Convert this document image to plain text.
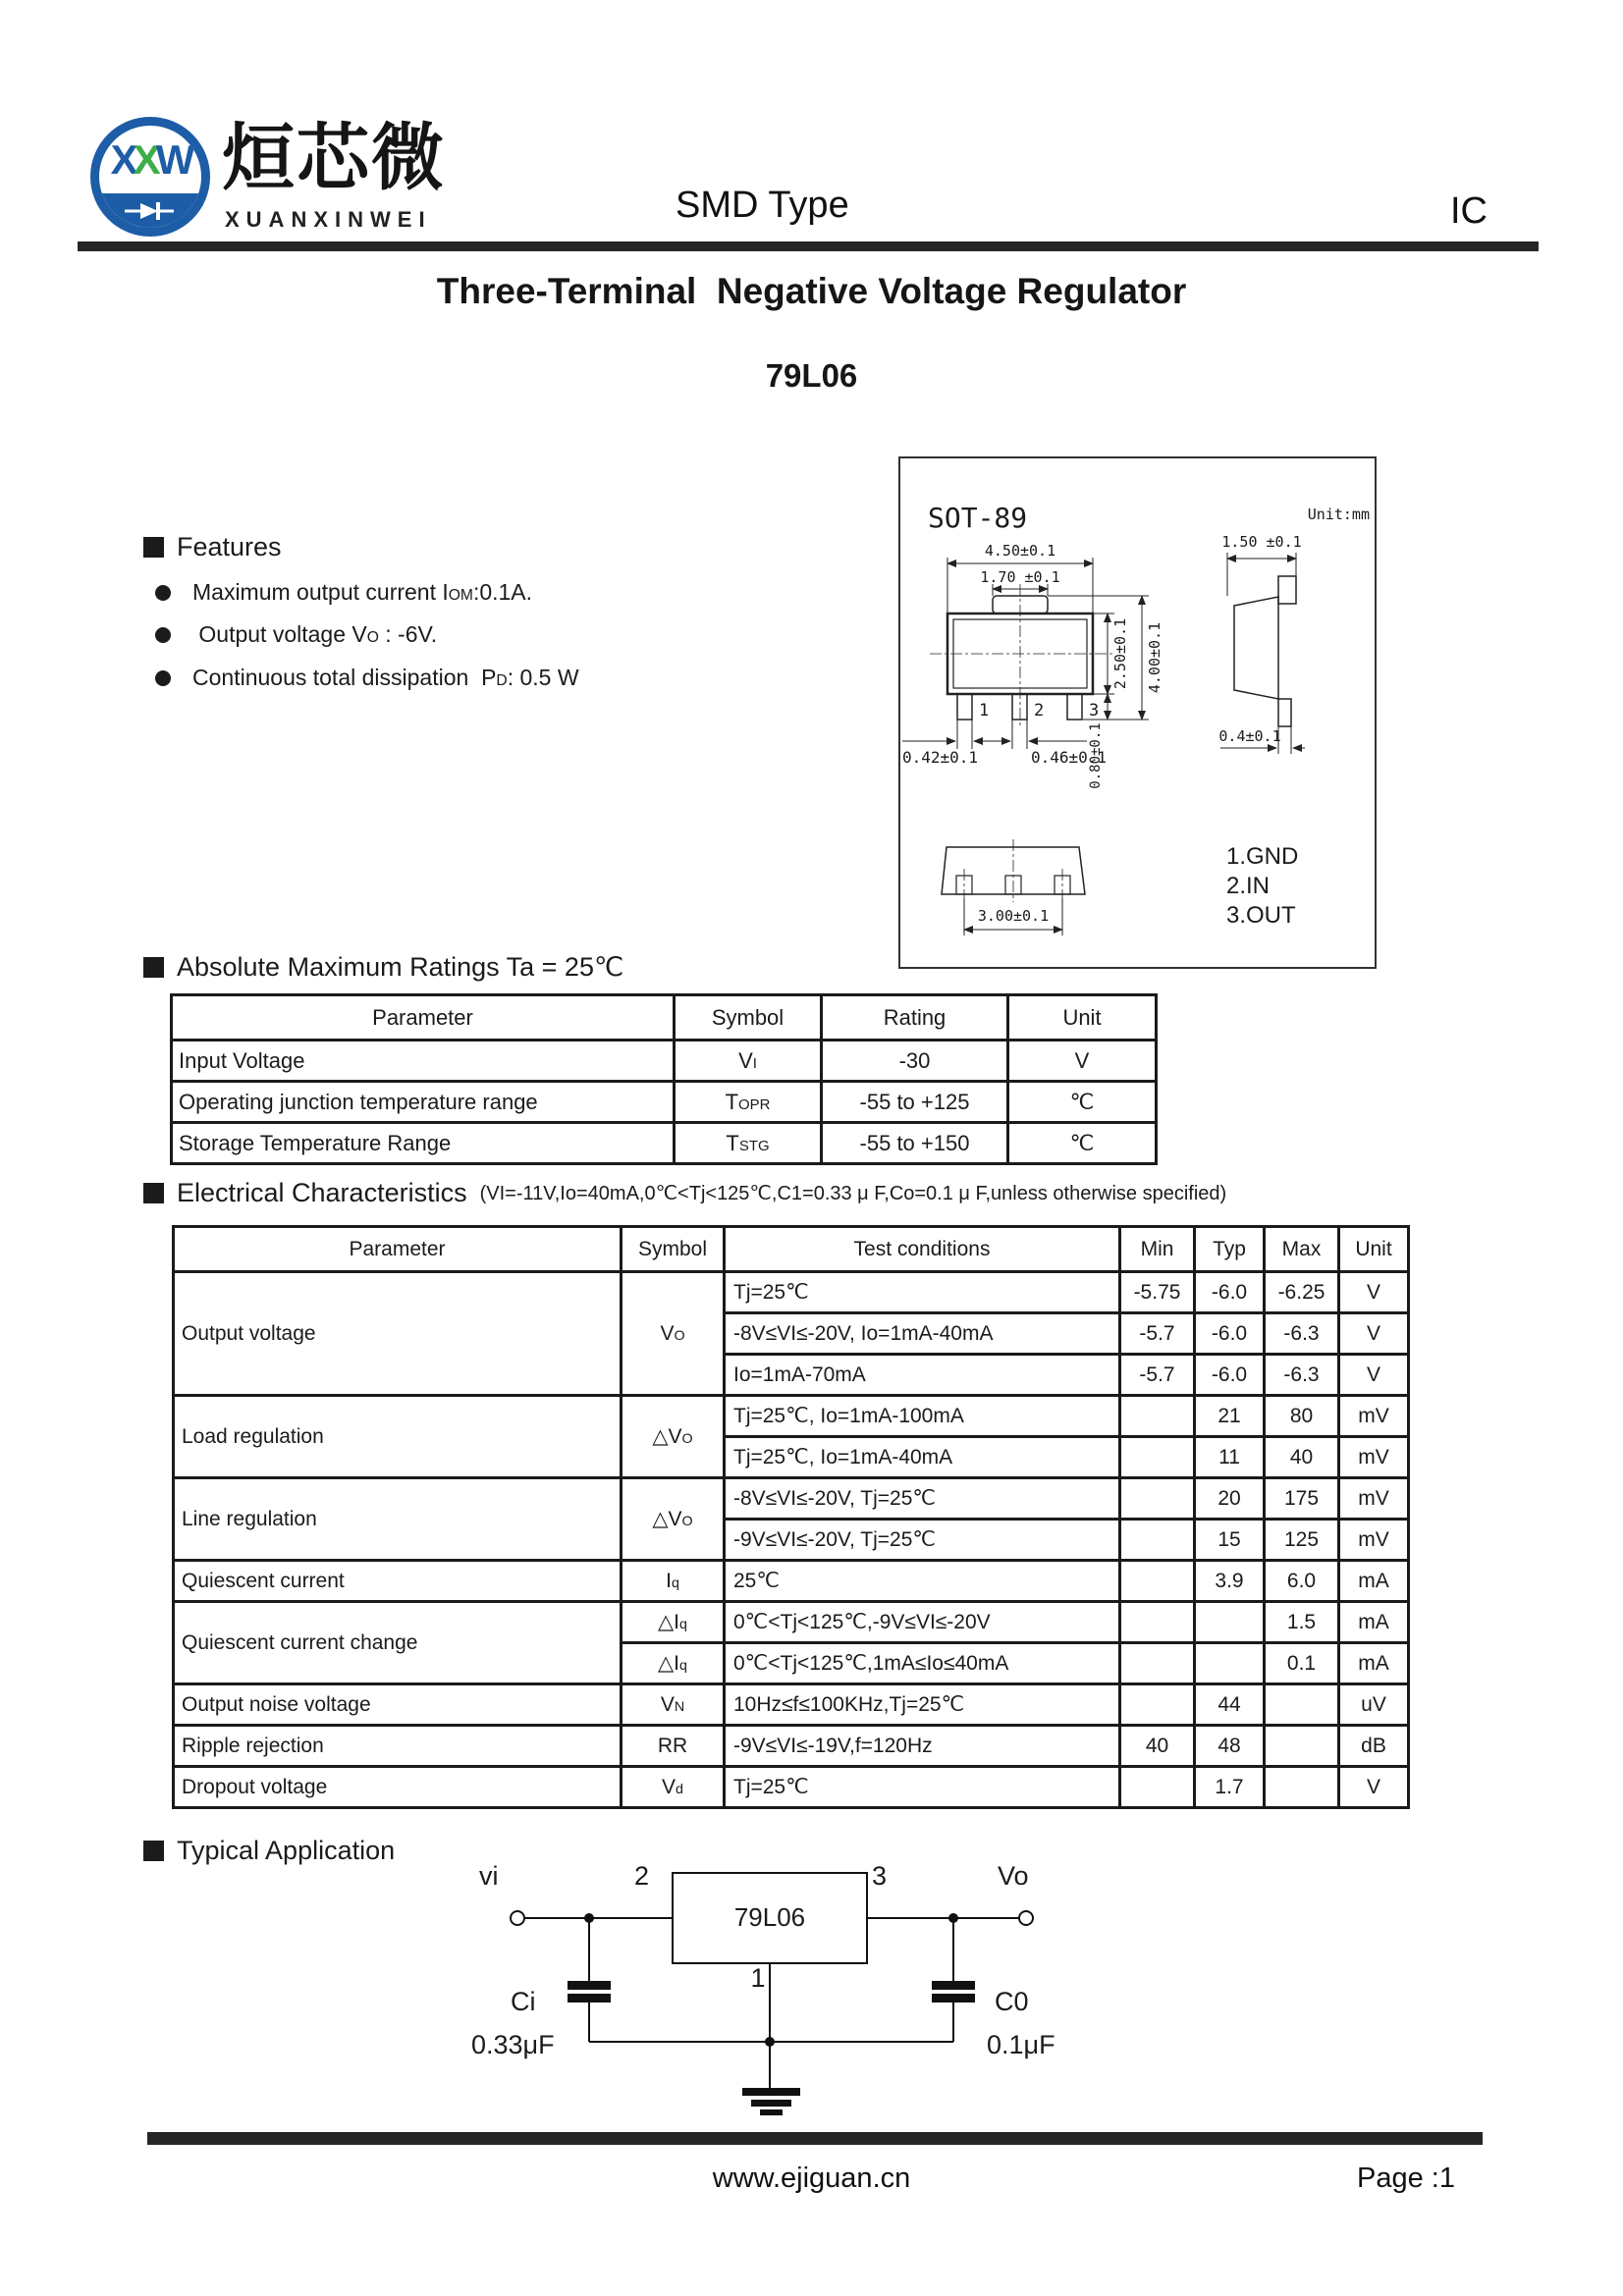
XXW 烜芯微
XUANXINWEI	SMD Type	IC
Three-Terminal  Negative Voltage Regulator
79L06
SOT-89	Unit:mm
4.50±0.1
1.70 ±0.1
1	2	3
2.50±0.1 4.00±0.1
0.80±0.1
0.42±0.1	0.46±0.1
1.50 ±0.1
0.4±0.1
3.00±0.1
1.GND
2.IN
3.OUT
Features
Maximum output current IOM:0.1A.
Output voltage VO : -6V.
Continuous total dissipation  PD: 0.5 W
Absolute Maximum Ratings Ta = 25℃
Parameter	Symbol	Rating	Unit
Input Voltage	VI	-30	V
Operating junction temperature range	TOPR	-55 to +125	℃
Storage Temperature Range	TSTG	-55 to +150	℃
Electrical Characteristics (VI=-11V,Io=40mA,0℃<Tj<125℃,C1=0.33 μ F,Co=0.1 μ F,unless otherwise specified)
Parameter	Symbol	Test conditions	Min	Typ	Max	Unit
Output voltage	VO	Tj=25℃	-5.75	-6.0	-6.25	V
		-8V≤VI≤-20V, Io=1mA-40mA	-5.7	-6.0	-6.3	V
		Io=1mA-70mA	-5.7	-6.0	-6.3	V
Load regulation	△VO	Tj=25℃, Io=1mA-100mA		21	80	mV
		Tj=25℃, Io=1mA-40mA		11	40	mV
Line regulation	△VO	-8V≤VI≤-20V, Tj=25℃		20	175	mV
		-9V≤VI≤-20V, Tj=25℃		15	125	mV
Quiescent current	Iq	25℃		3.9	6.0	mA
Quiescent current change	△Iq	0℃<Tj<125℃,-9V≤VI≤-20V			1.5	mA
	△Iq	0℃<Tj<125℃,1mA≤Io≤40mA			0.1	mA
Output noise voltage	VN	10Hz≤f≤100KHz,Tj=25℃		44		uV
Ripple rejection	RR	-9V≤VI≤-19V,f=120Hz	40	48		dB
Dropout voltage	Vd	Tj=25℃		1.7		V
Typical Application
vi	2	3	Vo
79L06
1
Ci
0.33μF
C0
0.1μF
www.ejiguan.cn	Page :1
